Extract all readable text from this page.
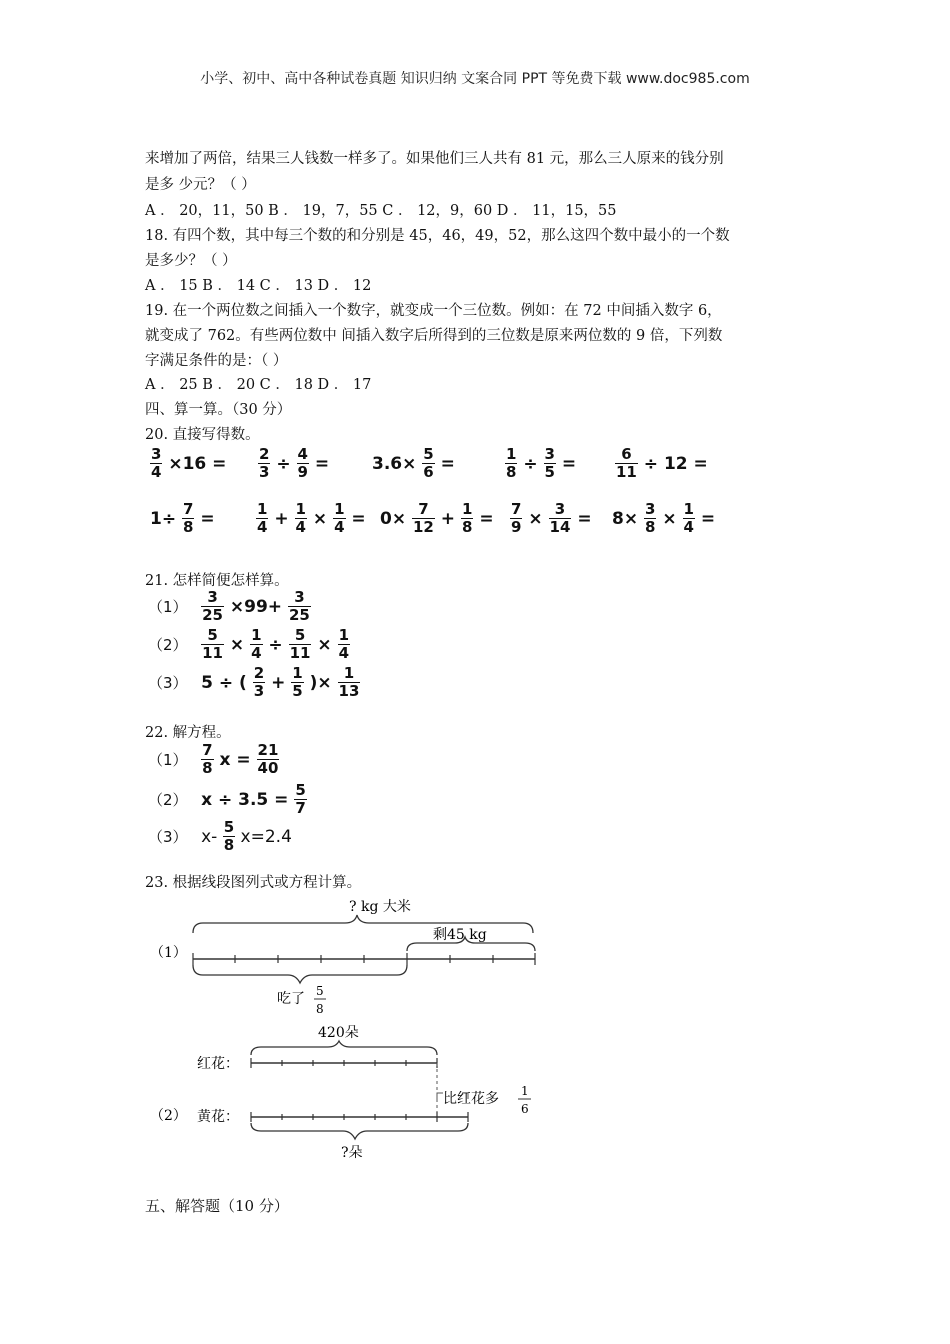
小学、初中、高中各种试卷真题 知识归纳 文案合同 PPT 等免费下载 www.doc985.com
来增加了两倍，结果三人钱数一样多了。如果他们三人共有 81 元，那么三人原来的钱分别
是多 少元？（ ）
A ． 20，11，50 B ． 19，7，55 C ． 12，9，60 D ． 11，15，55
18. 有四个数，其中每三个数的和分别是 45，46，49，52，那么这四个数中最小的一个数
是多少？（ ）
A ． 15 B ． 14 C ． 13 D ． 12
19. 在一个两位数之间插入一个数字，就变成一个三位数。例如：在 72 中间插入数字 6，
就变成了 762。有些两位数中 间插入数字后所得到的三位数是原来两位数的 9 倍，下列数
字满足条件的是：（ ）
A ． 25 B ． 20 C ． 18 D ． 17
四、算一算。（30 分）
20. 直接写得数。
$\frac{3}{4} \times 16 = \frac{2}{3} \div \frac{4}{9}$ =	$3.6\times \frac{5}{6}$ =	$\frac{1}{8} \div \frac{3}{5}$ =	$\frac{6}{11} \div 12$ =
$1\div \frac{7}{8}$ =	$\frac{1}{4} + \frac{1}{4} \times \frac{1}{4} = 0\times \frac{7}{12} + \frac{1}{8} = \frac{7}{9} \times \frac{3}{14} = 8\times \frac{3}{8} \times \frac{1}{4}$ =
21. 怎样简便怎样算。
$(1) \frac{3}{25} \times 99+ \frac{3}{25}$
$(2) \frac{5}{11} \times \frac{1}{4} \div \frac{5}{11} \times \frac{1}{4}$
（3） 5 ÷ ( $\frac{2}{3} + \frac{1}{5}$ )× $\frac{1}{13}$
22. 解方程。
$(1) \frac{7}{8}$ $x = \frac{21}{40}$
（2） $x \div 3.5 = \frac{5}{7}$
（3） $x- \frac{5}{8} x=2.4$
23. 根据线段图列式或方程计算。
（1）
? kg 大米
剩45 kg
吃了 5
8
（2）
红花：
420朵
黄花：
比红花多 1
6
?朵
五、解答题（10 分）
